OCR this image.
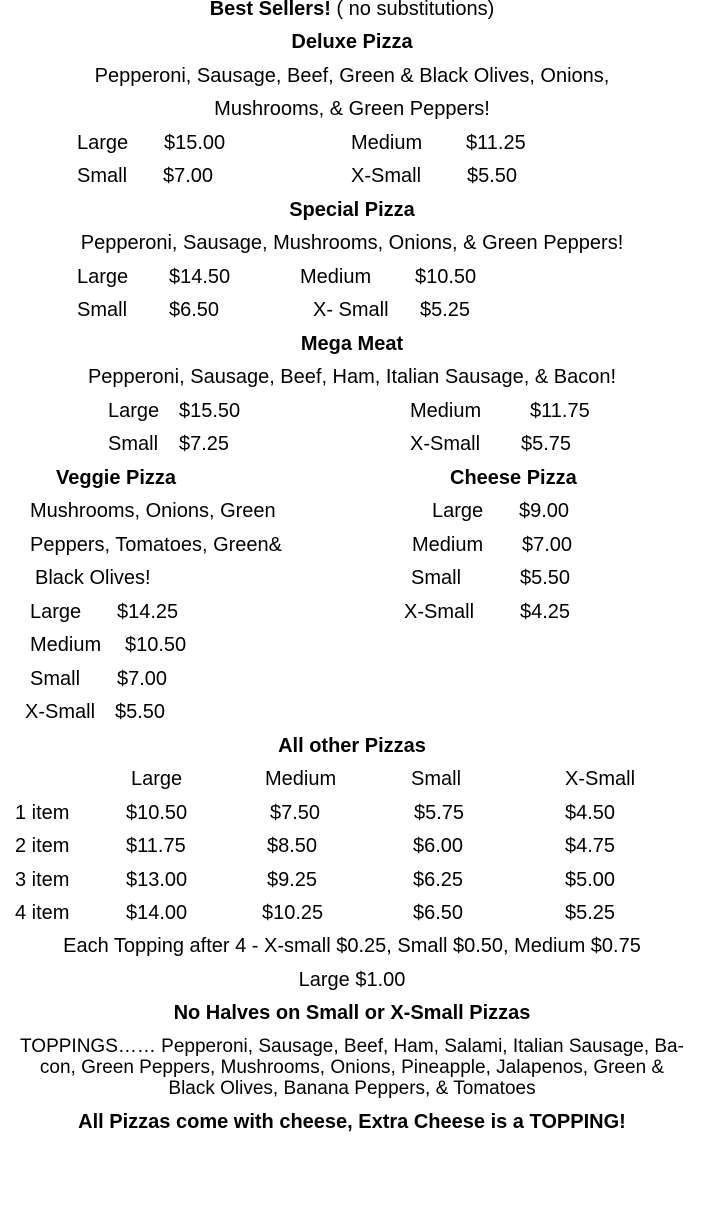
Best Sellers! ( no substitutions)
Deluxe Pizza
Pepperoni, Sausage, Beef, Green & Black Olives, Onions,
Mushrooms, & Green Peppers!
Large $15.00	Medium $11.25
Small $7.00	X-Small $5.50
Special Pizza
Pepperoni, Sausage, Mushrooms, Onions, & Green Peppers!
Large $14.50	Medium $10.50
Small $6.50	X- Small $5.25
Mega Meat
Pepperoni, Sausage, Beef, Ham, Italian Sausage, & Bacon!
Large $15.50	Medium $11.75
Small $7.25	X-Small $5.75
Veggie Pizza
Mushrooms, Onions, Green
Peppers, Tomatoes, Green&
Black Olives!
Large $14.25
Medium $10.50
Small $7.00
X-Small $5.50
Cheese Pizza
Large $9.00
Medium $7.00
Small	$5.50
X-Small $4.25
All other Pizzas
Large	Medium	Small	X-Small
1 item	$10.50	$7.50	$5.75	$4.50
2 item	$11.75	$8.50	$6.00	$4.75
3 item	$13.00	$9.25	$6.25	$5.00
4 item	$14.00	$10.25	$6.50	$5.25
Each Topping after 4 - X-small $0.25, Small $0.50, Medium $0.75
Large $1.00
No Halves on Small or X-Small Pizzas
TOPPINGS…… Pepperoni, Sausage, Beef, Ham, Salami, Italian Sausage, Ba-
con, Green Peppers, Mushrooms, Onions, Pineapple, Jalapenos, Green &
Black Olives, Banana Peppers, & Tomatoes
All Pizzas come with cheese, Extra Cheese is a TOPPING!
